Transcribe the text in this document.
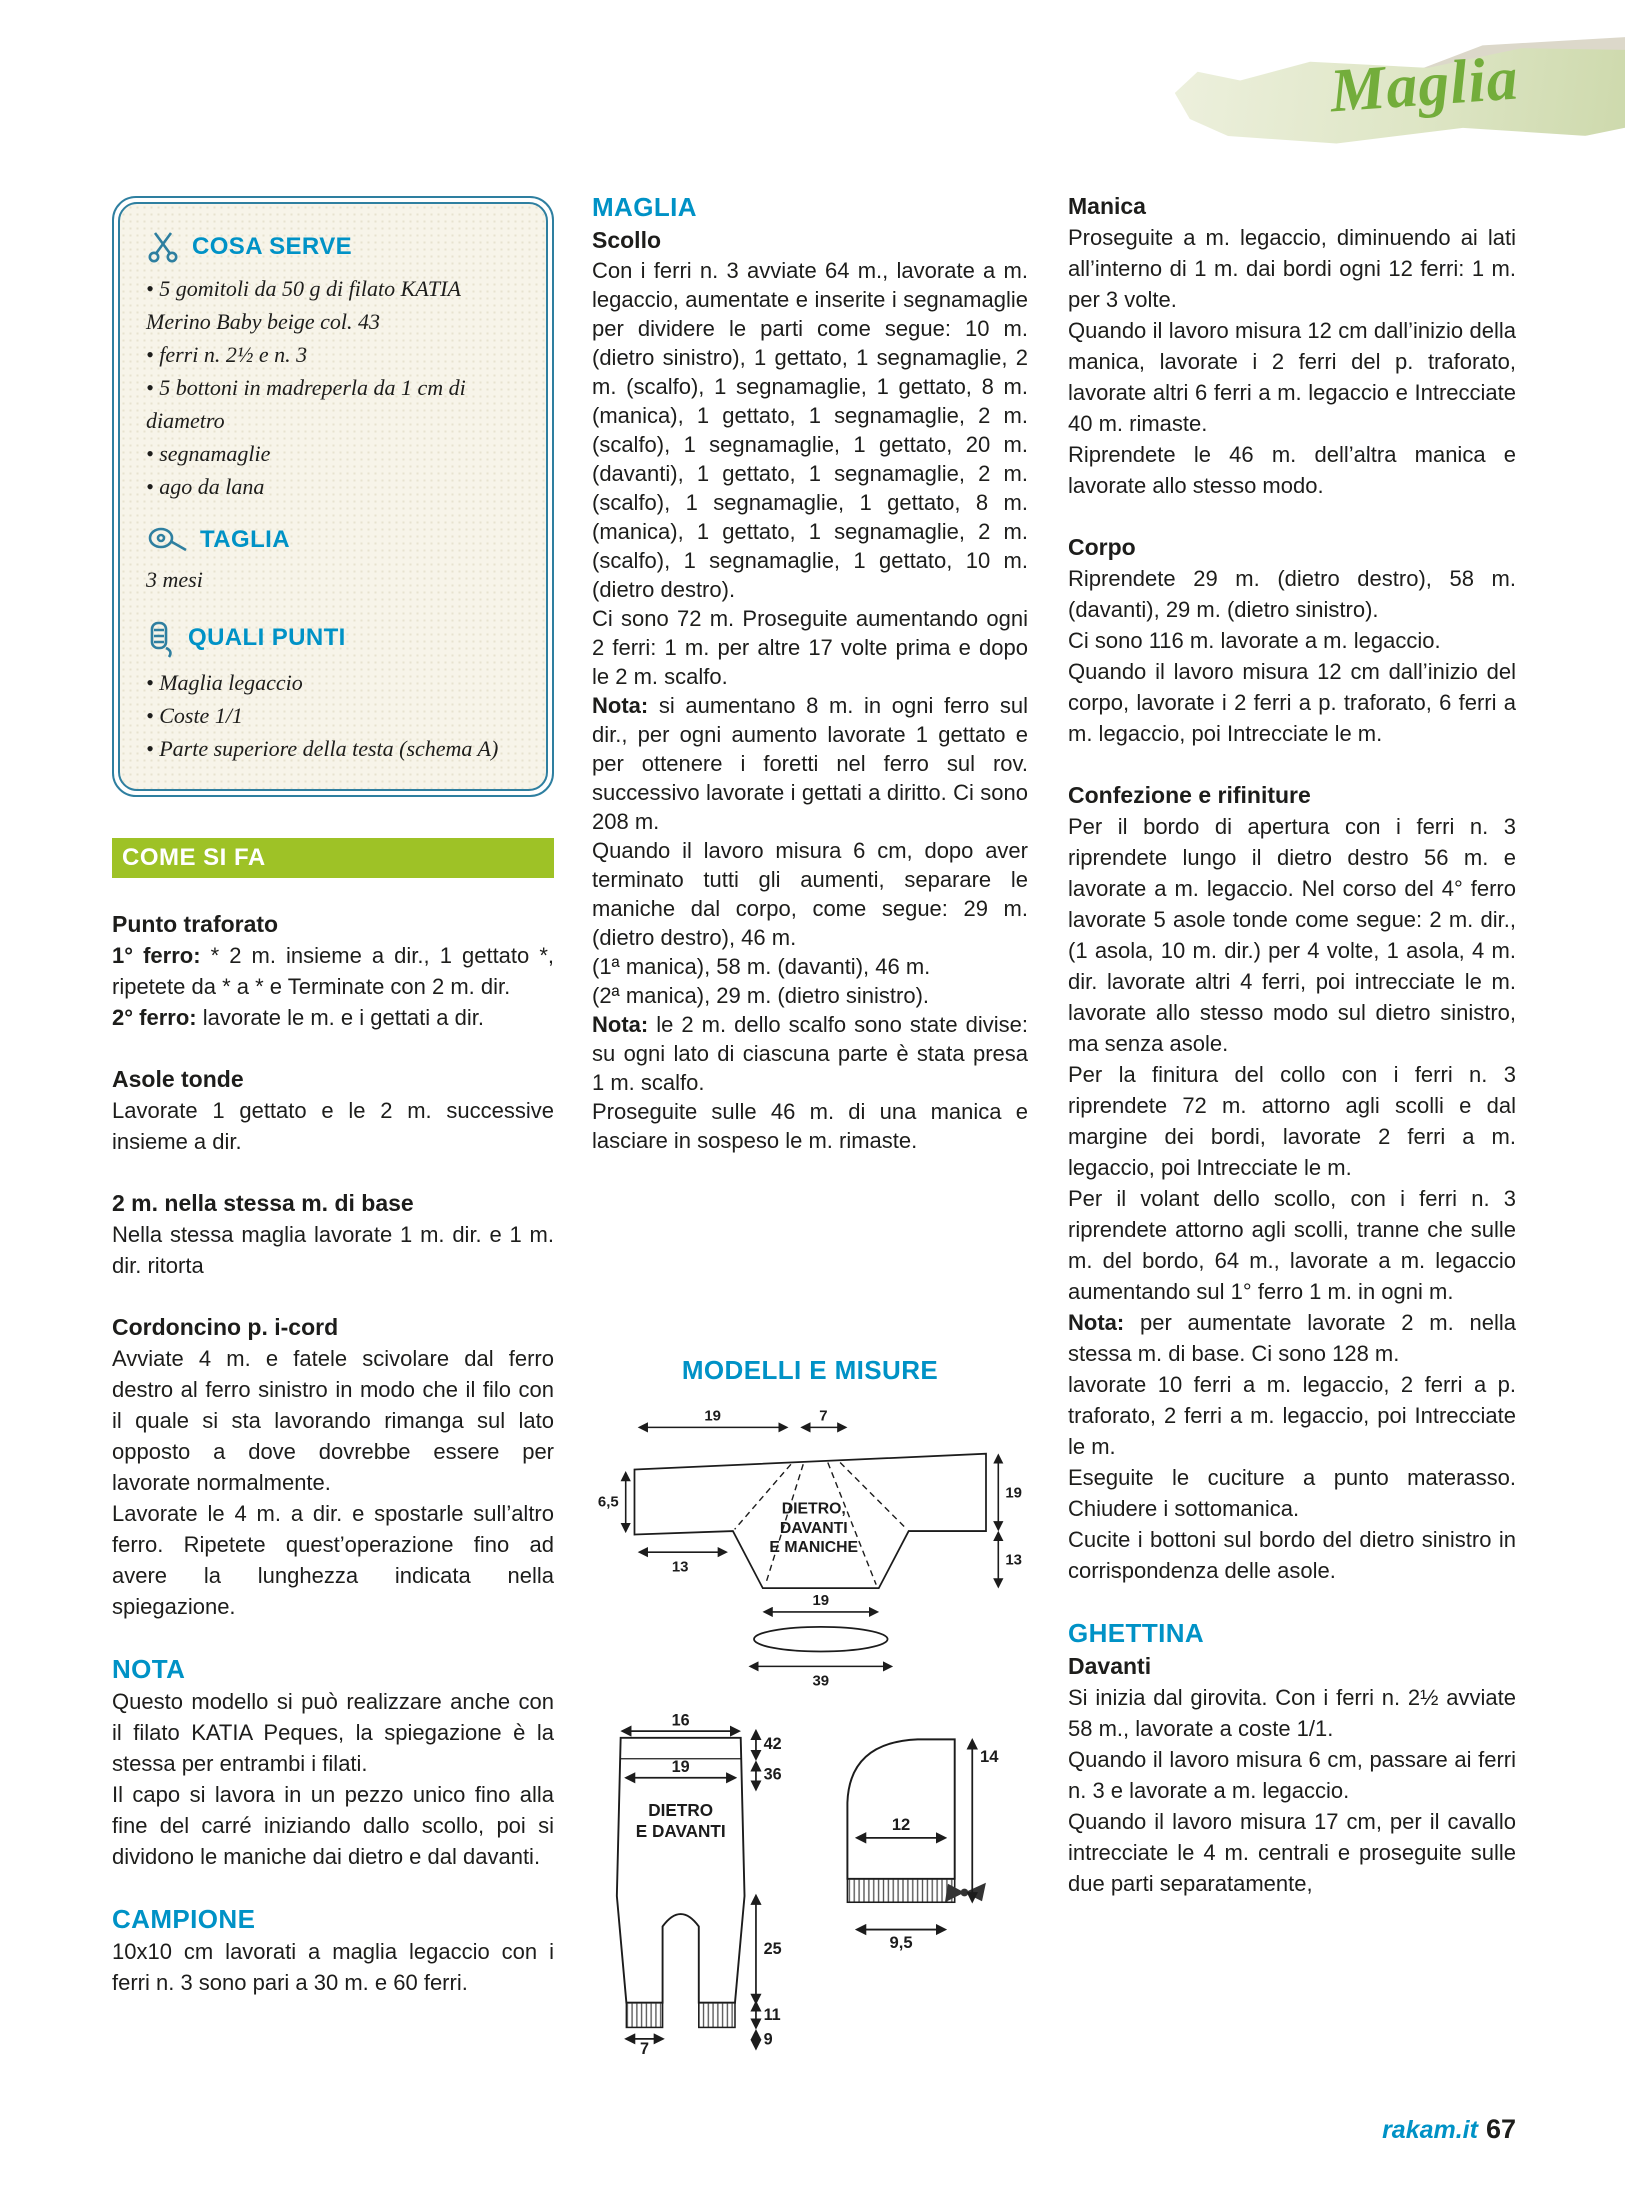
Maglia
COSA SERVE
• 5 gomitoli da 50 g di filato KATIA Merino Baby beige col. 43
• ferri n. 2½ e n. 3
• 5 bottoni in madreperla da 1 cm di diametro
• segnamaglie
• ago da lana
TAGLIA
3 mesi
QUALI PUNTI
• Maglia legaccio
• Coste 1/1
• Parte superiore della testa (schema A)
COME SI FA
Punto traforato

1° ferro: * 2 m. insieme a dir., 1 gettato *, ripetete da * a * e Terminate con 2 m. dir.

2° ferro: lavorate le m. e i gettati a dir.

Asole tonde

Lavorate 1 gettato e le 2 m. successive insieme a dir.

2 m. nella stessa m. di base

Nella stessa maglia lavorate 1 m. dir. e 1 m. dir. ritorta

Cordoncino p. i-cord

Avviate 4 m. e fatele scivolare dal ferro destro al ferro sinistro in modo che il filo con il quale si sta lavorando rimanga sul lato opposto a dove dovrebbe essere per lavorate normalmente.

Lavorate le 4 m. a dir. e spostarle sull’altro ferro. Ripetete quest’operazione fino ad avere la lunghezza indicata nella spiegazione.

NOTA

Questo modello si può realizzare anche con il filato KATIA Peques, la spiegazione è la stessa per entrambi i filati.

Il capo si lavora in un pezzo unico fino alla fine del carré iniziando dallo scollo, poi si dividono le maniche dai dietro e dal davanti.

CAMPIONE

10x10 cm lavorati a maglia legaccio con i ferri n. 3 sono pari a 30 m. e 60 ferri.

MAGLIA
Scollo

Con i ferri n. 3 avviate 64 m., lavorate a m. legaccio, aumentate e inserite i segnamaglie per dividere le parti come segue: 10 m. (dietro sinistro), 1 gettato, 1 segnamaglie, 2 m. (scalfo), 1 segnamaglie, 1 gettato, 8 m. (manica), 1 gettato, 1 segnamaglie, 2 m. (scalfo), 1 segnamaglie, 1 gettato, 20 m. (davanti), 1 gettato, 1 segnamaglie, 2 m. (scalfo), 1 segnamaglie, 1 gettato, 8 m. (manica), 1 gettato, 1 segnamaglie, 2 m. (scalfo), 1 segnamaglie, 1 gettato, 10 m. (dietro destro).

Ci sono 72 m. Proseguite aumentando ogni 2 ferri: 1 m. per altre 17 volte prima e dopo le 2 m. scalfo.

Nota: si aumentano 8 m. in ogni ferro sul dir., per ogni aumento lavorate 1 gettato e per ottenere i foretti nel ferro sul rov. successivo lavorate i gettati a diritto. Ci sono 208 m.

Quando il lavoro misura 6 cm, dopo aver terminato tutti gli aumenti, separare le maniche dal corpo, come segue: 29 m. (dietro destro), 46 m.

(1ª manica), 58 m. (davanti), 46 m.

(2ª manica), 29 m. (dietro sinistro).

Nota: le 2 m. dello scalfo sono state divise: su ogni lato di ciascuna parte è stata presa 1 m. scalfo.

Proseguite sulle 46 m. di una manica e lasciare in sospeso le m. rimaste.

MODELLI E MISURE
19	7
6,5
13
19
13
19
39
DIETRO,
DAVANTI
E MANICHE
16
19
DIETRO
E DAVANTI
42
36
25
11
9
7
12
14
9,5
Manica

Proseguite a m. legaccio, diminuendo ai lati all’interno di 1 m. dai bordi ogni 12 ferri: 1 m. per 3 volte.

Quando il lavoro misura 12 cm dall’inizio della manica, lavorate i 2 ferri del p. traforato, lavorate altri 6 ferri a m. legaccio e Intrecciate 40 m. rimaste.

Riprendete le 46 m. dell’altra manica e lavorate allo stesso modo.

Corpo

Riprendete 29 m. (dietro destro), 58 m. (davanti), 29 m. (dietro sinistro).

Ci sono 116 m. lavorate a m. legaccio.

Quando il lavoro misura 12 cm dall’inizio del corpo, lavorate i 2 ferri a p. traforato, 6 ferri a m. legaccio, poi Intrecciate le m.

Confezione e rifiniture

Per il bordo di apertura con i ferri n. 3 riprendete lungo il dietro destro 56 m. e lavorate a m. legaccio. Nel corso del 4° ferro lavorate 5 asole tonde come segue: 2 m. dir., (1 asola, 10 m. dir.) per 4 volte, 1 asola, 4 m. dir. lavorate altri 4 ferri, poi intrecciate le m. lavorate allo stesso modo sul dietro sinistro, ma senza asole.

Per la finitura del collo con i ferri n. 3 riprendete 72 m. attorno agli scolli e dal margine dei bordi, lavorate 2 ferri a m. legaccio, poi Intrecciate le m.

Per il volant dello scollo, con i ferri n. 3 riprendete attorno agli scolli, tranne che sulle m. del bordo, 64 m., lavorate a m. legaccio aumentando sul 1° ferro 1 m. in ogni m.

Nota: per aumentate lavorate 2 m. nella stessa m. di base. Ci sono 128 m.

lavorate 10 ferri a m. legaccio, 2 ferri a p. traforato, 2 ferri a m. legaccio, poi Intrecciate le m.

Eseguite le cuciture a punto materasso. Chiudere i sottomanica.

Cucite i bottoni sul bordo del dietro sinistro in corrispondenza delle asole.

GHETTINA
Davanti

Si inizia dal girovita. Con i ferri n. 2½ avviate 58 m., lavorate a coste 1/1.

Quando il lavoro misura 6 cm, passare ai ferri n. 3 e lavorate a m. legaccio.

Quando il lavoro misura 17 cm, per il cavallo intrecciate le 4 m. centrali e proseguite sulle due parti separatamente,

rakam.it 67
